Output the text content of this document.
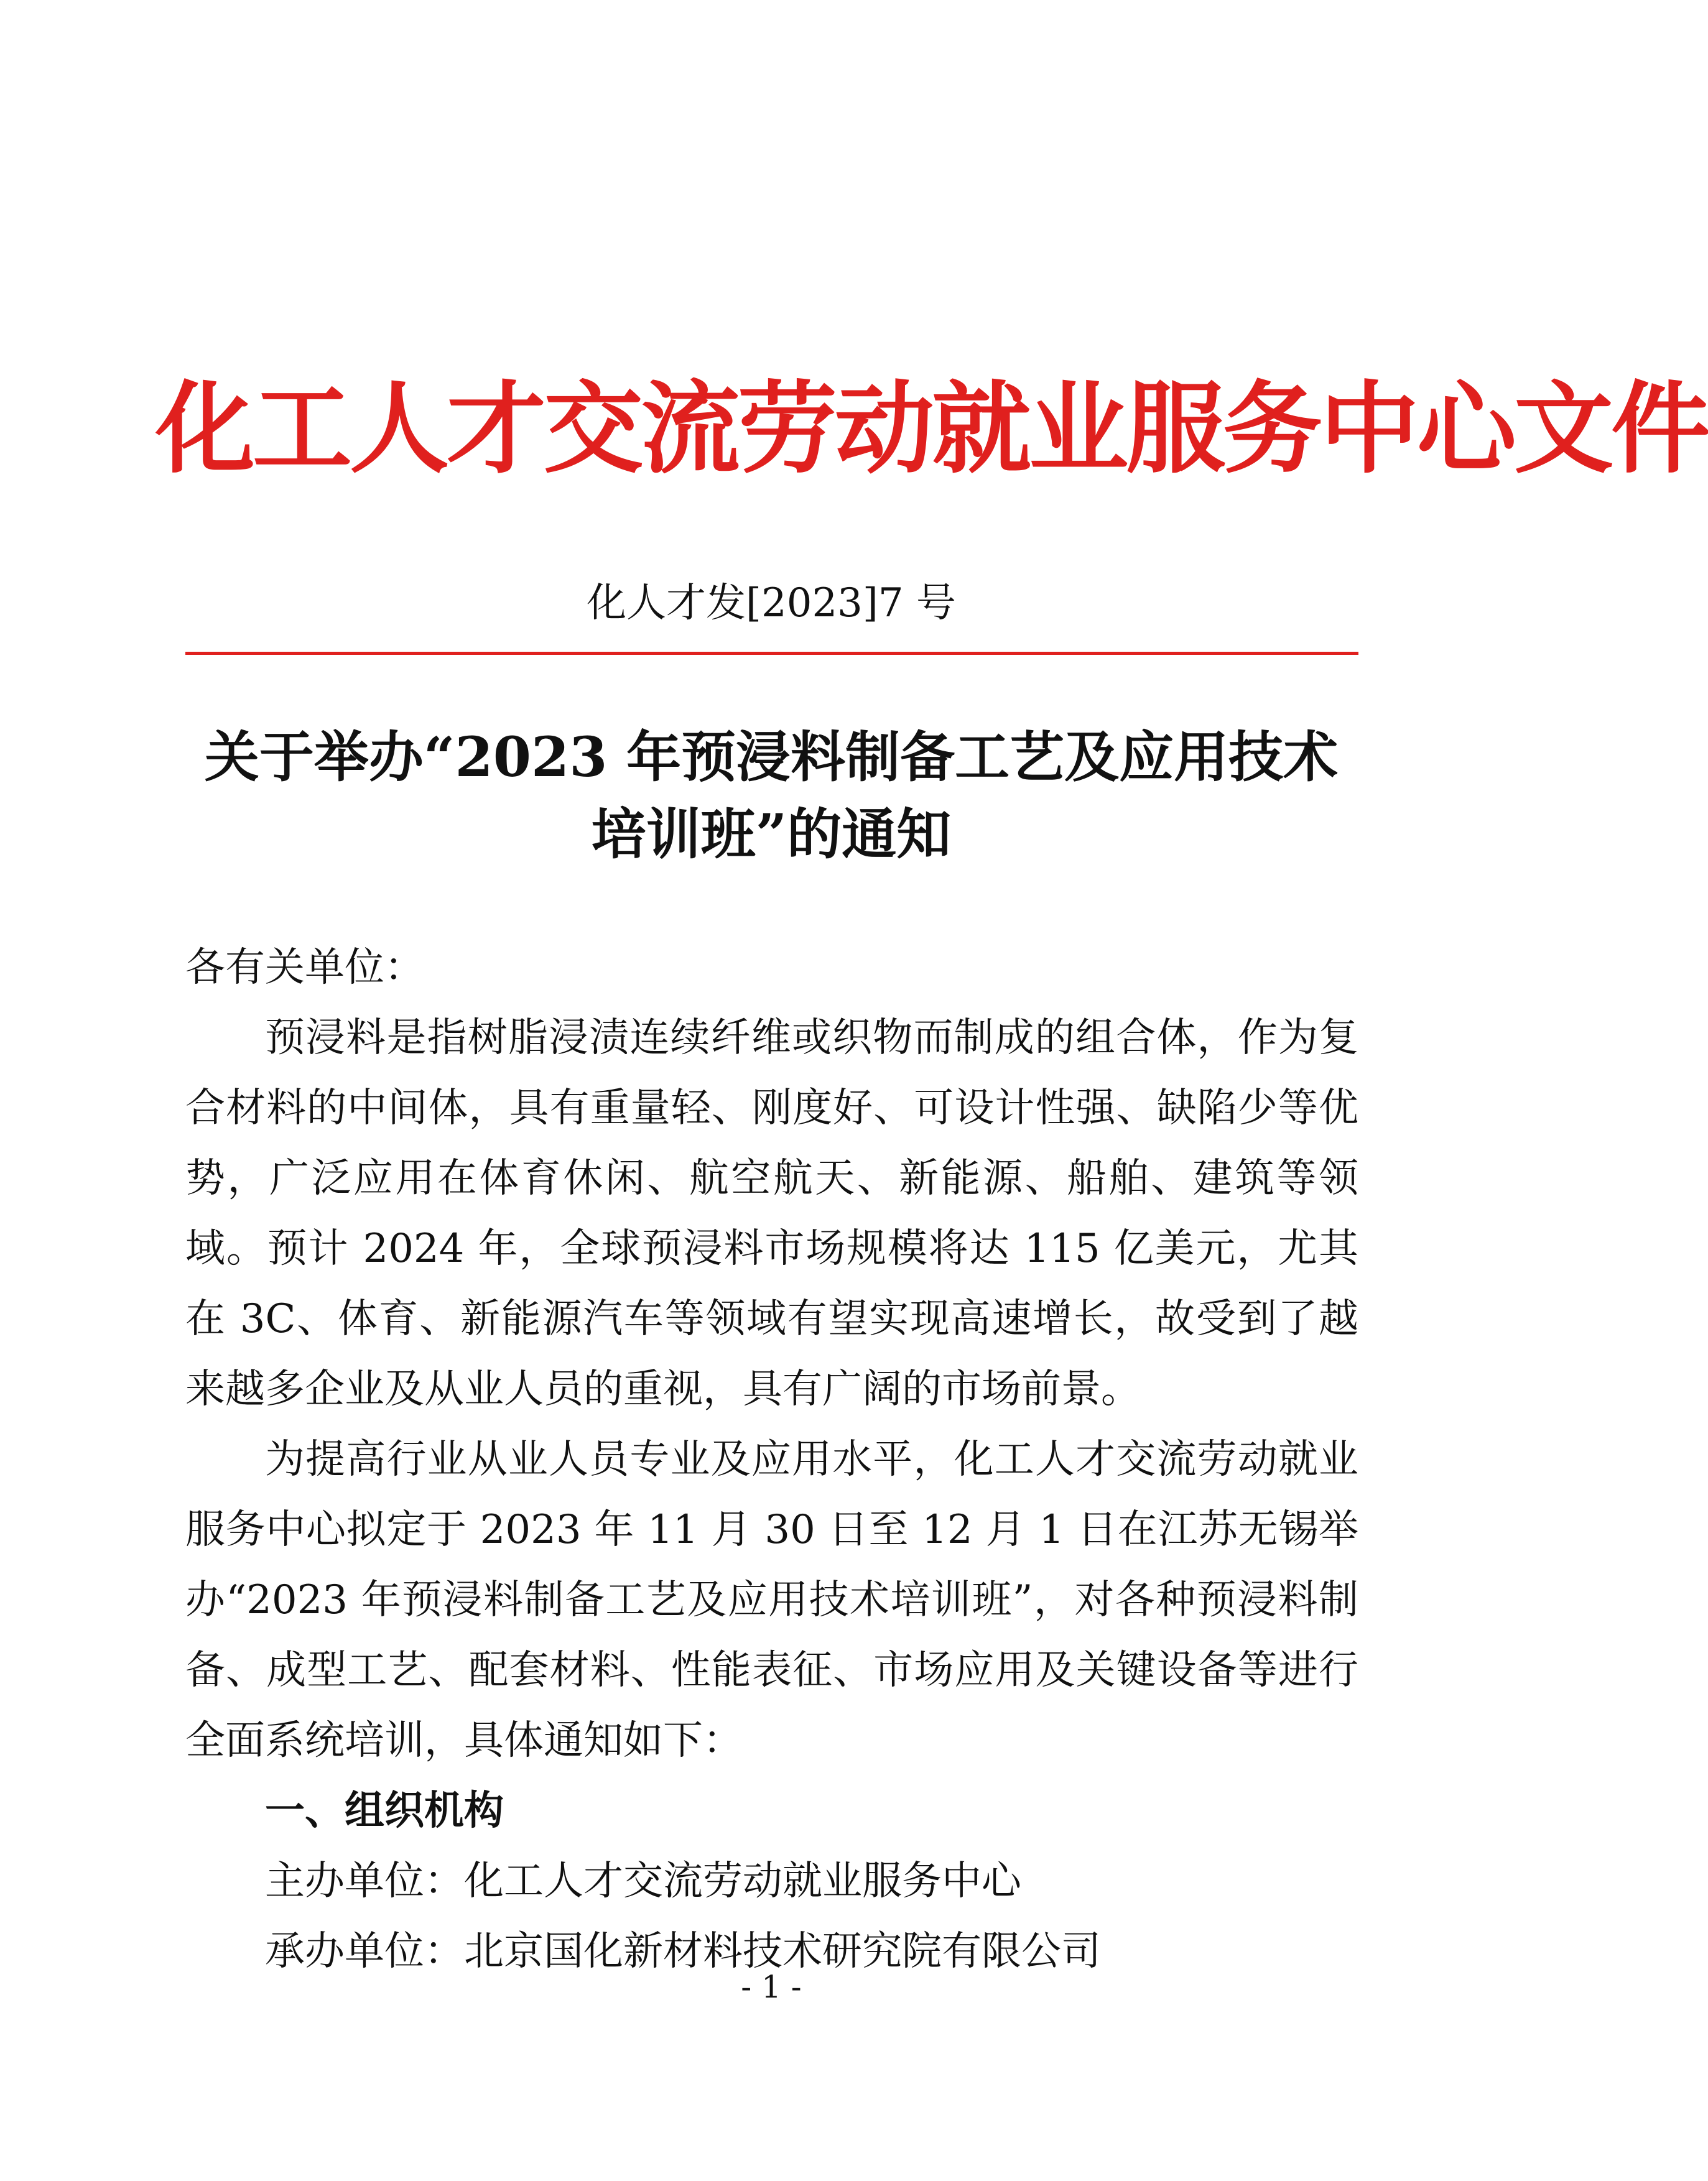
化工人才交流劳动就业服务中心文件
化人才发[2023]7 号
关于举办“2023 年预浸料制备工艺及应用技术
培训班”的通知

各有关单位：

预浸料是指树脂浸渍连续纤维或织物而制成的组合体，作为复合材料的中间体，具有重量轻、刚度好、可设计性强、缺陷少等优势，广泛应用在体育休闲、航空航天、新能源、船舶、建筑等领域。预计 2024 年，全球预浸料市场规模将达 115 亿美元，尤其在 3C、体育、新能源汽车等领域有望实现高速增长，故受到了越来越多企业及从业人员的重视，具有广阔的市场前景。

为提高行业从业人员专业及应用水平，化工人才交流劳动就业服务中心拟定于 2023 年 11 月 30 日至 12 月 1 日在江苏无锡举办“2023 年预浸料制备工艺及应用技术培训班”，对各种预浸料制备、成型工艺、配套材料、性能表征、市场应用及关键设备等进行全面系统培训，具体通知如下：

一、组织机构

主办单位：化工人才交流劳动就业服务中心

承办单位：北京国化新材料技术研究院有限公司

- 1 -
